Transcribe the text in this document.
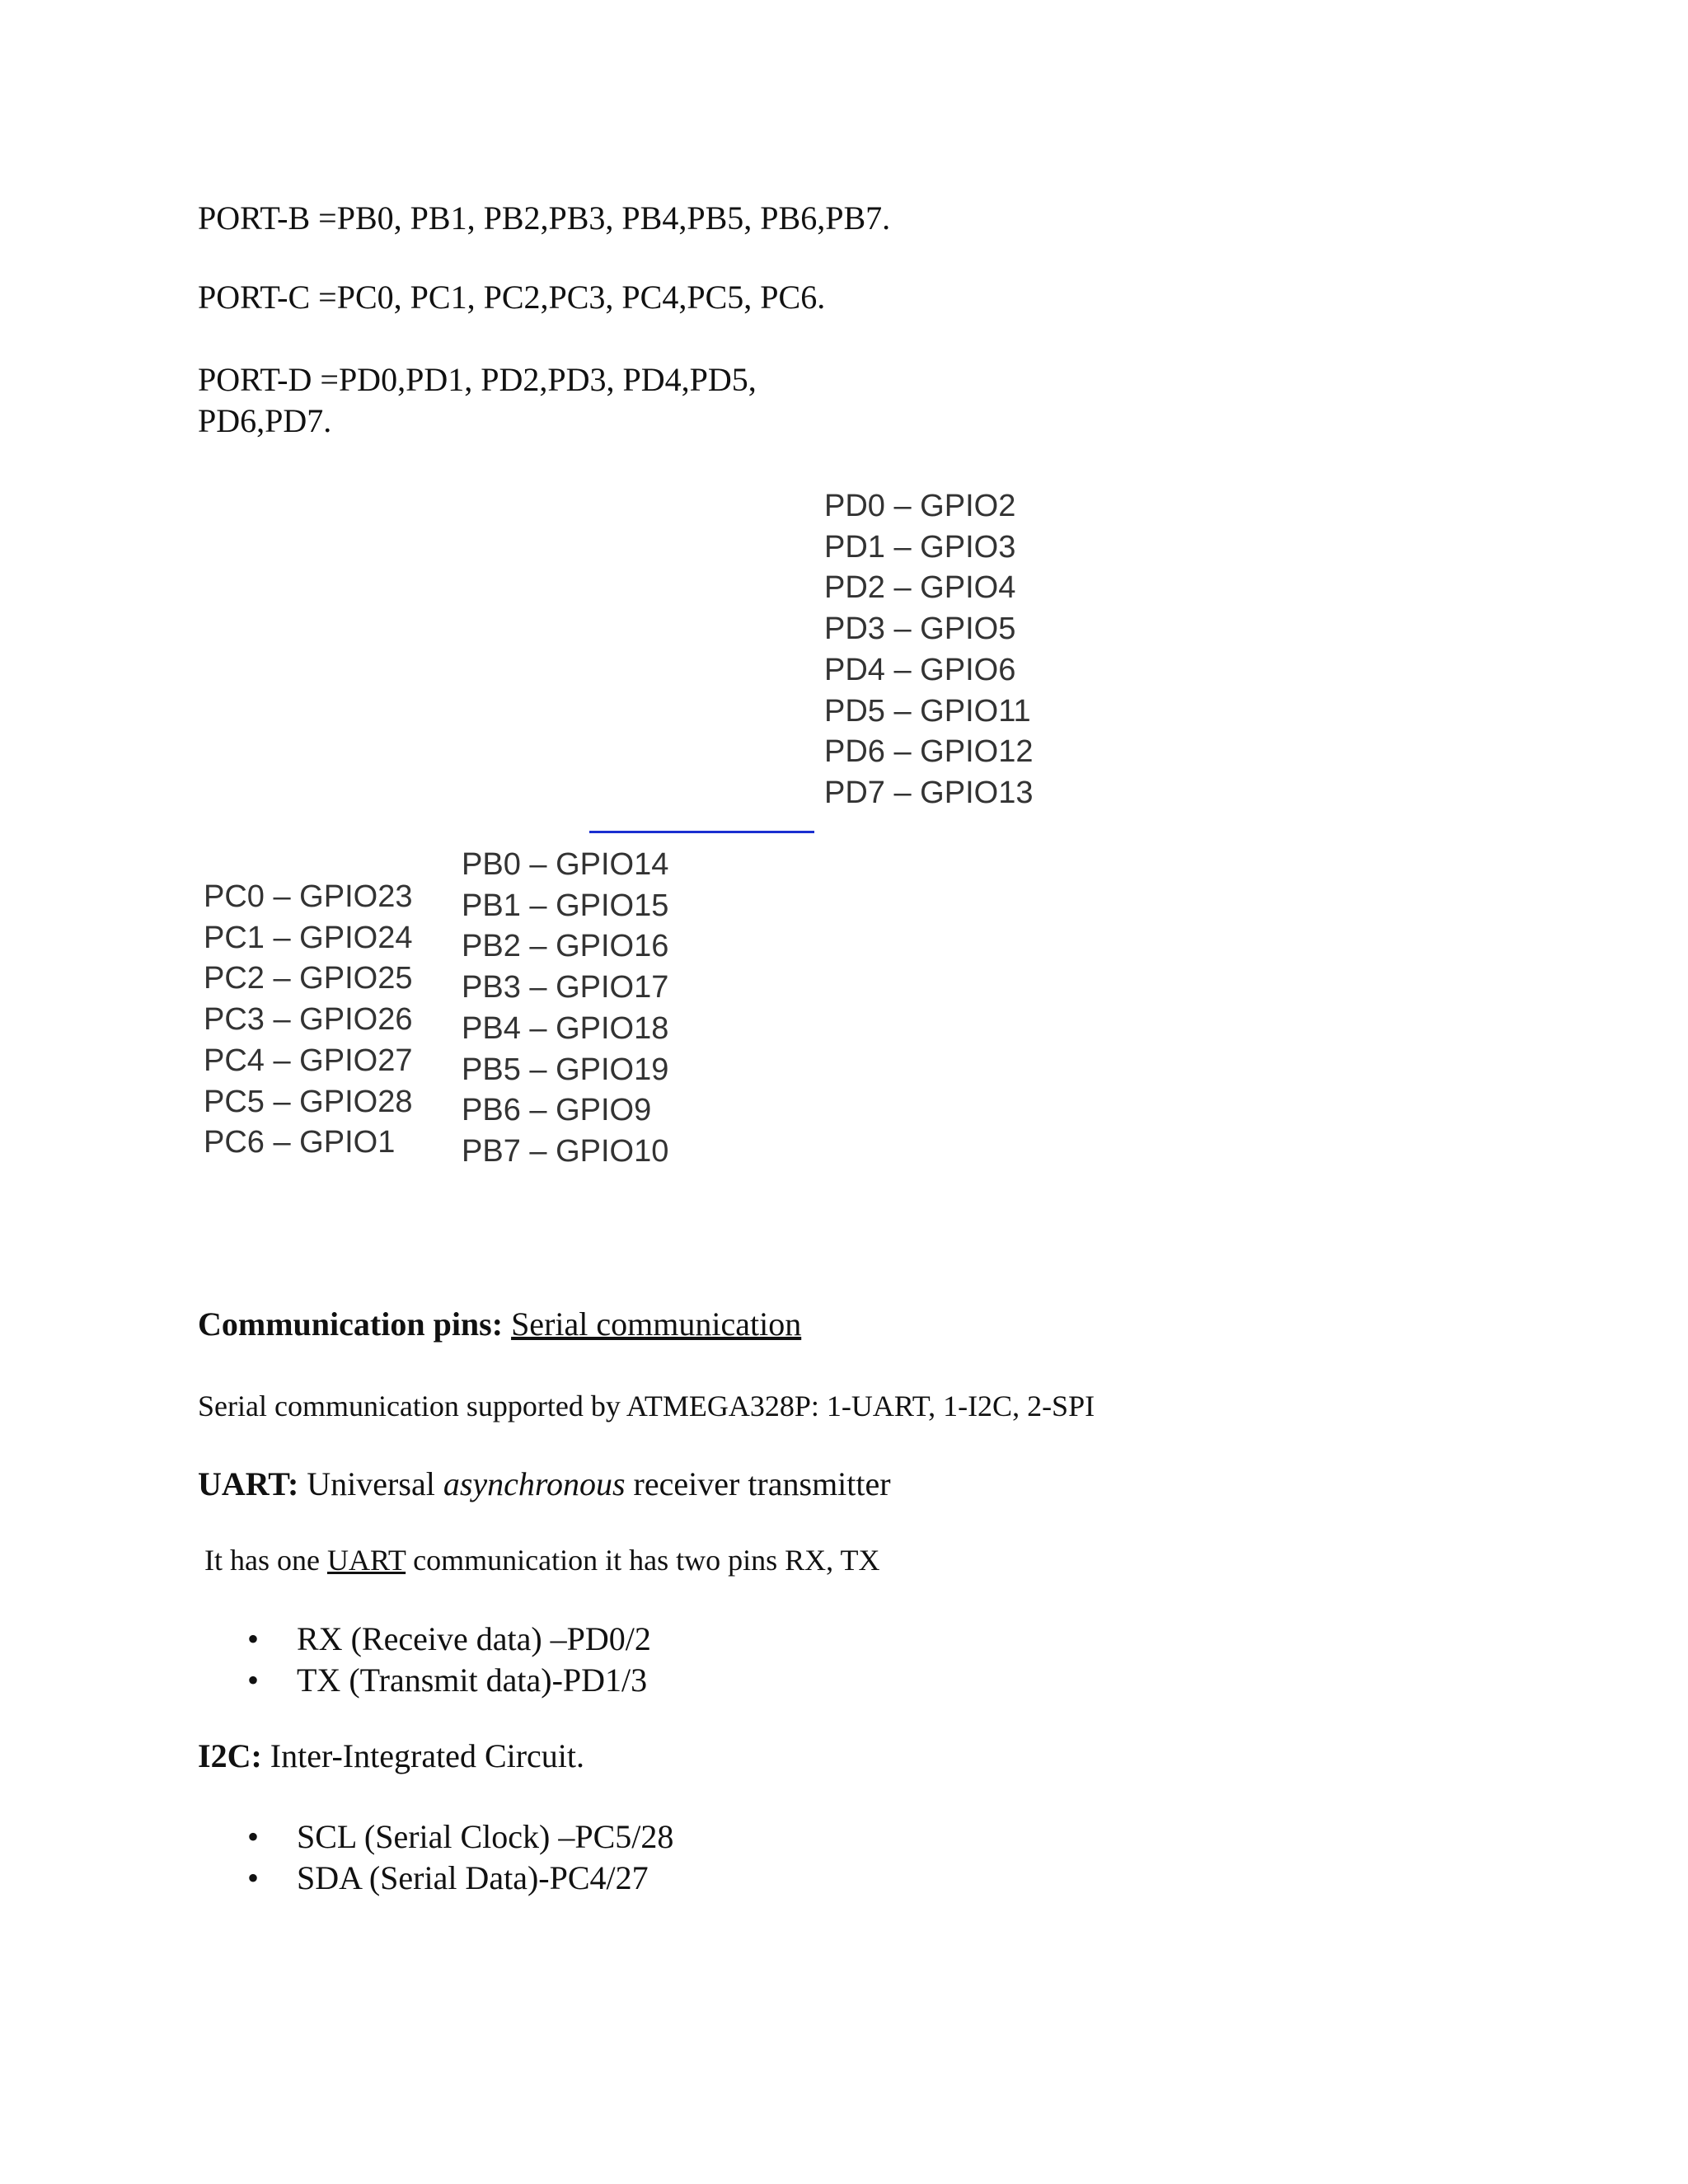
PORT-B =PB0, PB1, PB2,PB3, PB4,PB5, PB6,PB7.
PORT-C =PC0, PC1, PC2,PC3, PC4,PC5, PC6.
PORT-D =PD0,PD1, PD2,PD3, PD4,PD5,
PD6,PD7.
PD0 – GPIO2
PD1 – GPIO3
PD2 – GPIO4
PD3 – GPIO5
PD4 – GPIO6
PD5 – GPIO11
PD6 – GPIO12
PD7 – GPIO13
PB0 – GPIO14
PB1 – GPIO15
PB2 – GPIO16
PB3 – GPIO17
PB4 – GPIO18
PB5 – GPIO19
PB6 – GPIO9
PB7 – GPIO10
PC0 – GPIO23
PC1 – GPIO24
PC2 – GPIO25
PC3 – GPIO26
PC4 – GPIO27
PC5 – GPIO28
PC6 – GPIO1
Communication pins: Serial communication
Serial communication supported by ATMEGA328P: 1-UART, 1-I2C, 2-SPI
UART: Universal asynchronous receiver transmitter
It has one UART communication it has two pins RX, TX
• RX (Receive data) –PD0/2
• TX (Transmit data)-PD1/3
I2C: Inter-Integrated Circuit.
• SCL (Serial Clock) –PC5/28
• SDA (Serial Data)-PC4/27
